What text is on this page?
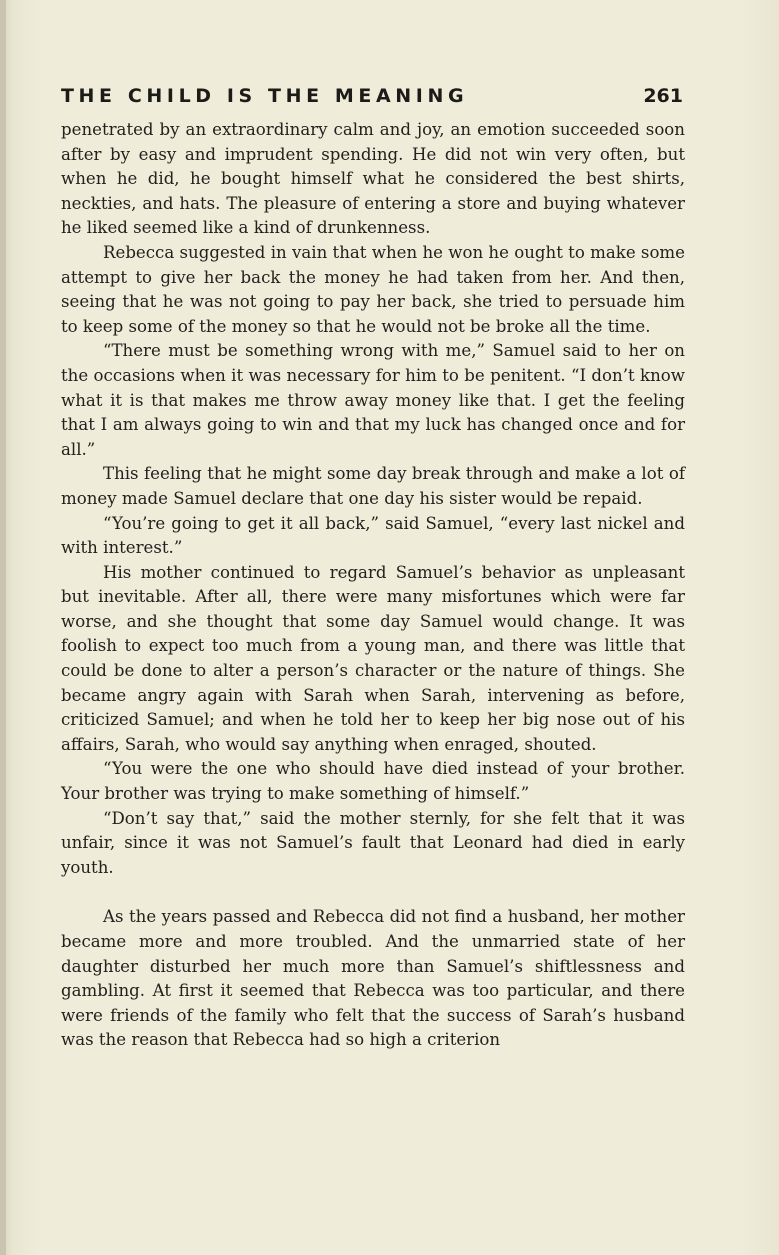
THE CHILD IS THE MEANING	261

penetrated by an extraordinary calm and joy, an emotion succeeded soon after by easy and imprudent spending. He did not win very often, but when he did, he bought himself what he considered the best shirts, neckties, and hats. The pleasure of entering a store and buying whatever he liked seemed like a kind of drunkenness.

Rebecca suggested in vain that when he won he ought to make some attempt to give her back the money he had taken from her. And then, seeing that he was not going to pay her back, she tried to persuade him to keep some of the money so that he would not be broke all the time.

“There must be something wrong with me,” Samuel said to her on the occasions when it was necessary for him to be penitent. “I don’t know what it is that makes me throw away money like that. I get the feeling that I am always going to win and that my luck has changed once and for all.”

This feeling that he might some day break through and make a lot of money made Samuel declare that one day his sister would be repaid.

“You’re going to get it all back,” said Samuel, “every last nickel and with interest.”

His mother continued to regard Samuel’s behavior as unpleasant but inevitable. After all, there were many misfortunes which were far worse, and she thought that some day Samuel would change. It was foolish to expect too much from a young man, and there was little that could be done to alter a person’s character or the nature of things. She became angry again with Sarah when Sarah, intervening as before, criticized Samuel; and when he told her to keep her big nose out of his affairs, Sarah, who would say anything when enraged, shouted.

“You were the one who should have died instead of your brother. Your brother was trying to make something of himself.”

“Don’t say that,” said the mother sternly, for she felt that it was unfair, since it was not Samuel’s fault that Leonard had died in early youth.

As the years passed and Rebecca did not find a husband, her mother became more and more troubled. And the unmarried state of her daughter disturbed her much more than Samuel’s shiftlessness and gambling. At first it seemed that Rebecca was too particular, and there were friends of the family who felt that the success of Sarah’s husband was the reason that Rebecca had so high a criterion
